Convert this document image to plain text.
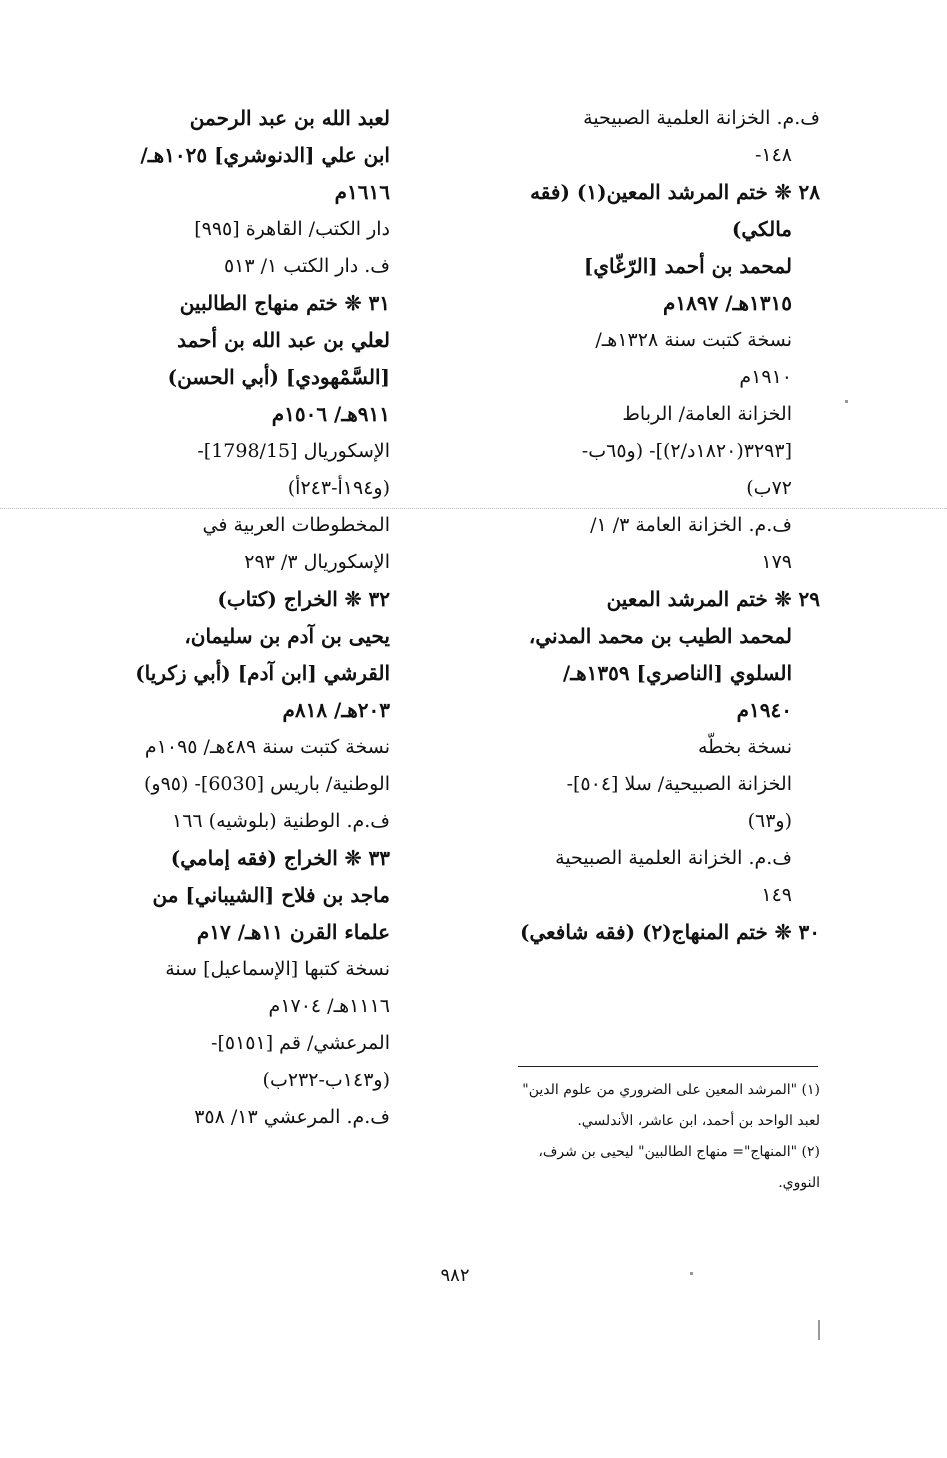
ف.م. الخزانة العلمية الصبيحية
١٤٨-
٢٨ ❊ ختم المرشد المعين(١) (فقه
مالكي)
لمحمد بن أحمد [الرّغّاي]
١٣١٥هـ/ ١٨٩٧م
نسخة كتبت سنة ١٣٢٨هـ/
١٩١٠م
الخزانة العامة/ الرباط
[٣٢٩٣(١٨٢٠د/٢)]- (و٦٥ب-
٧٢ب)
ف.م. الخزانة العامة ٣/ ١/
١٧٩
٢٩ ❊ ختم المرشد المعين
لمحمد الطيب بن محمد المدني،
السلوي [الناصري] ١٣٥٩هـ/
١٩٤٠م
نسخة بخطّه
الخزانة الصبيحية/ سلا [٥٠٤]-
(و٦٣)
ف.م. الخزانة العلمية الصبيحية
١٤٩
٣٠ ❊ ختم المنهاج(٢) (فقه شافعي)
لعبد الله بن عبد الرحمن
ابن علي [الدنوشري] ١٠٢٥هـ/
١٦١٦م
دار الكتب/ القاهرة [٩٩٥]
ف. دار الكتب ١/ ٥١٣
٣١ ❊ ختم منهاج الطالبين
لعلي بن عبد الله بن أحمد
[السَّمْهودي] (أبي الحسن)
٩١١هـ/ ١٥٠٦م
الإسكوريال [1798/15]-
(و١٩٤أ-٢٤٣أ)
المخطوطات العربية في
الإسكوريال ٣/ ٢٩٣
٣٢ ❊ الخراج (كتاب)
يحيى بن آدم بن سليمان،
القرشي [ابن آدم] (أبي زكريا)
٢٠٣هـ/ ٨١٨م
نسخة كتبت سنة ٤٨٩هـ/ ١٠٩٥م
الوطنية/ باريس [6030]- (٩٥و)
ف.م. الوطنية (بلوشيه) ١٦٦
٣٣ ❊ الخراج (فقه إمامي)
ماجد بن فلاح [الشيباني] من
علماء القرن ١١هـ/ ١٧م
نسخة كتبها [الإسماعيل] سنة
١١١٦هـ/ ١٧٠٤م
المرعشي/ قم [٥١٥١]-
(و١٤٣ب-٢٣٢ب)
ف.م. المرعشي ١٣/ ٣٥٨
(١) "المرشد المعين على الضروري من علوم الدين"
لعبد الواحد بن أحمد، ابن عاشر، الأندلسي.
(٢) "المنهاج"= منهاج الطالبين" ليحيى بن شرف،
النووي.
٩٨٢
